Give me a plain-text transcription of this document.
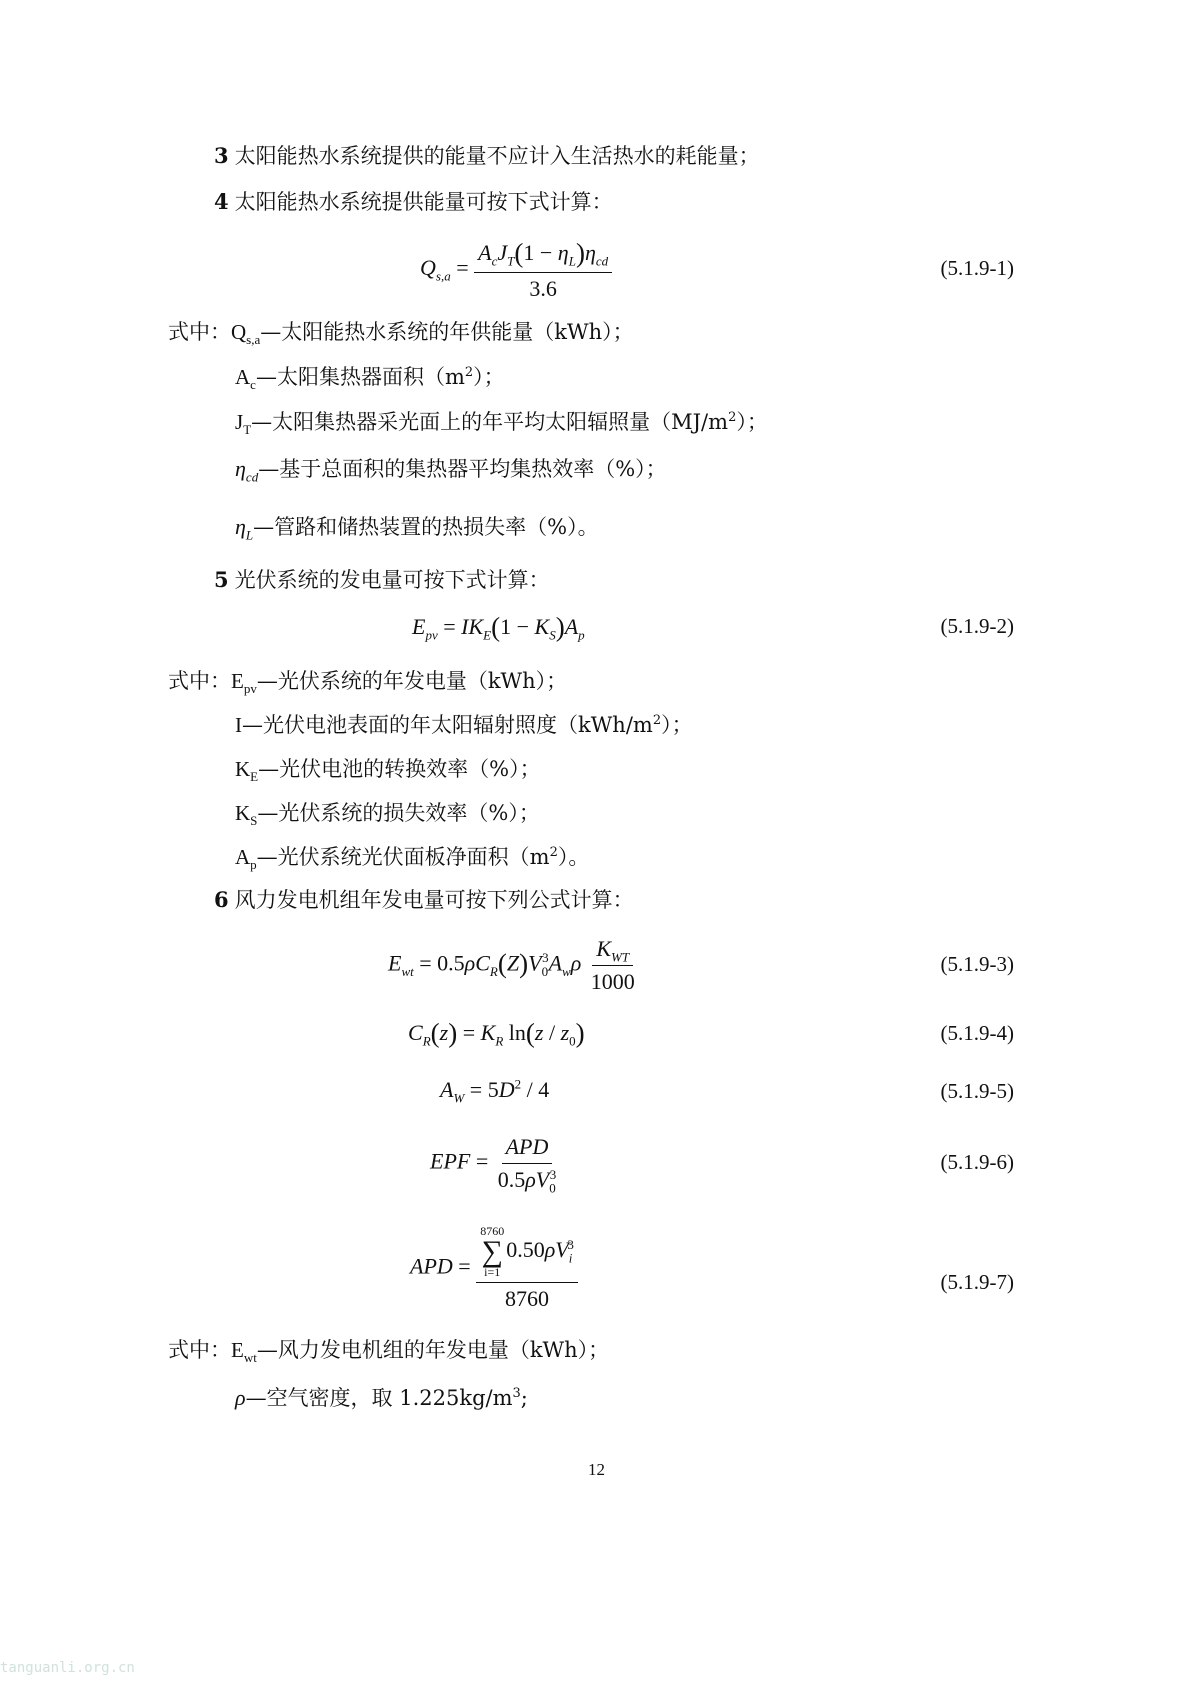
3 太阳能热水系统提供的能量不应计入生活热水的耗能量；
4 太阳能热水系统提供能量可按下式计算：
$Q_{s,a} = \frac{A_cJ_T(1 - \eta_L)\eta_{cd}}{3.6}$	(5.1.9-1)
式中：$Q_{s,a}—$太阳能热水系统的年供能量（kWh）；
$A_c—$太阳集热器面积$(m^2)$；
$J_T—$太阳集热器采光面上的年平均太阳辐照量$(MJ/m^2)$；
$\eta_{cd}—$基于总面积的集热器平均集热效率（%）；
$\eta_L—$管路和储热装置的热损失率（%）。
5 光伏系统的发电量可按下式计算：
$E_{pv} = IK_E(1 - K_S)A_p$	(5.1.9-2)
式中：$E_{pv}—$光伏系统的年发电量（kWh）；
I—光伏电池表面的年太阳辐射照度$(kWh/m^2)$；
$K_E—$光伏电池的转换效率（%）；
$K_S—$光伏系统的损失效率（%）；
$A_p—$光伏系统光伏面板净面积$(m^2)$。
6 风力发电机组年发电量可按下列公式计算：
$E_{wt} = 0.5\rho C_R(Z)V_0^3A_w\rho \frac{K_{WT}}{1000}$	(5.1.9-3)
$C_R(z) = K_R$ $\ln(z / z_0)$	(5.1.9-4)
$A_W = 5D^2 / 4$	(5.1.9-5)
EPF = $\frac{\text{APD}}{0.5\rho V_0^3}$	(5.1.9-6)
APD = 8760
∑
i=1
$0.50\rho V_i^3$
8760	(5.1.9-7)
式中：$E_{wt}—$风力发电机组的年发电量（kWh）；
ρ—空气密度，取 $1.225kg/m^3$;
12
tanguanli.org.cn
